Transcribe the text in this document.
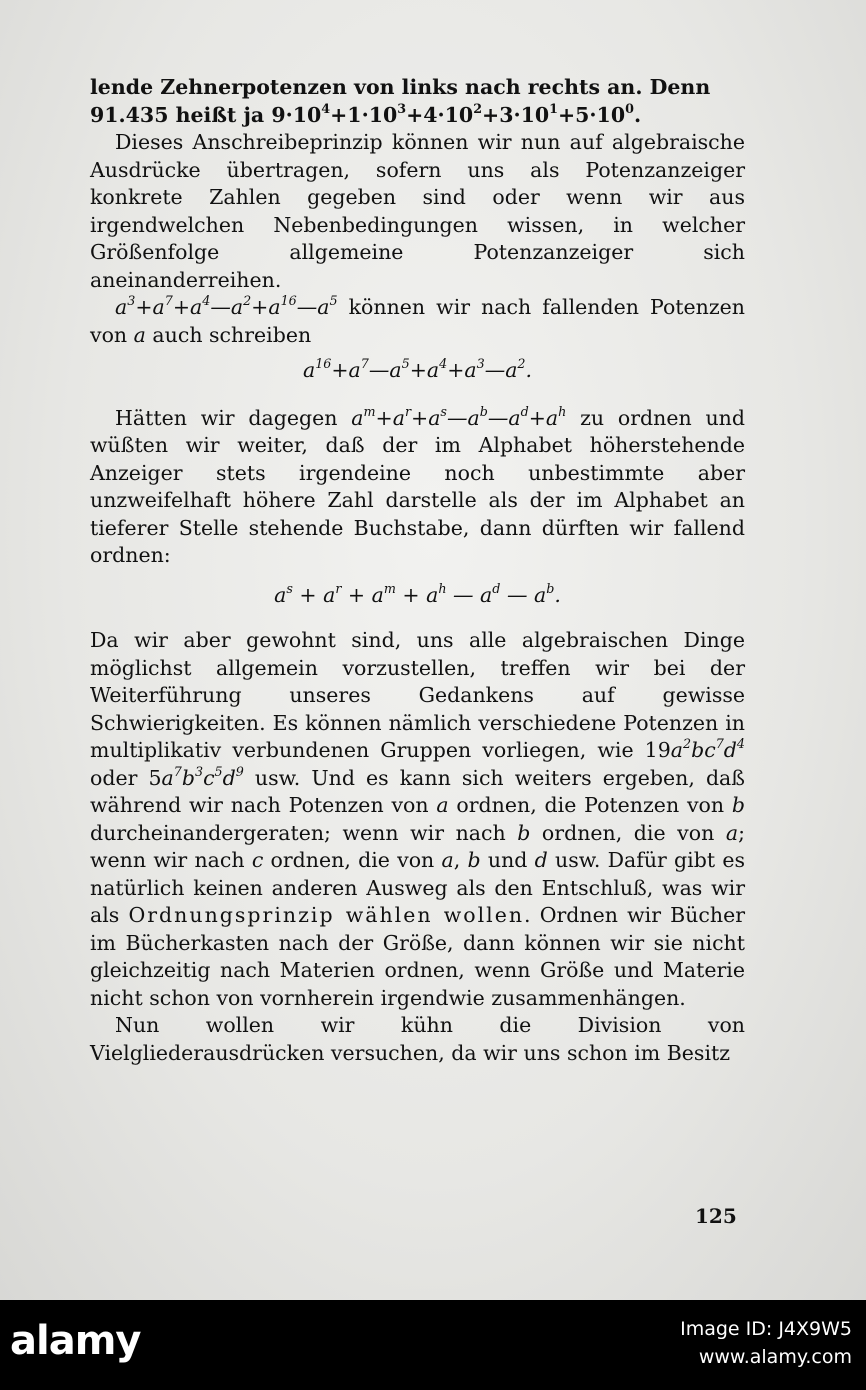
lende Zehnerpotenzen von links nach rechts an. Denn

91.435 heißt ja $9\cdot 10^4+1\cdot 10^3+4\cdot 10^2+3\cdot 10^1+5\cdot 10^0$.

Dieses Anschreibeprinzip können wir nun auf algebraische Ausdrücke übertragen, sofern uns als Potenzanzeiger konkrete Zahlen gegeben sind oder wenn wir aus irgendwelchen Nebenbedingungen wissen, in welcher Größenfolge allgemeine Potenzanzeiger sich aneinanderreihen.

$a^3+a^7+a^4—a^2+a^{16}—a^5$ können wir nach fallenden Potenzen von a auch schreiben

$a^{16}+a^7—a^5+a^4+a^3—a^2$.

Hätten wir dagegen $a^m+a^r+a^s—a^b—a^d+a^h$ zu ordnen und wüßten wir weiter, daß der im Alphabet höherstehende Anzeiger stets irgendeine noch unbestimmte aber unzweifelhaft höhere Zahl darstelle als der im Alphabet an tieferer Stelle stehende Buchstabe, dann dürften wir fallend ordnen:

$a^s + a^r + a^m + a^h$ — $a^d$ — $a^b$.

Da wir aber gewohnt sind, uns alle algebraischen Dinge möglichst allgemein vorzustellen, treffen wir bei der Weiterführung unseres Gedankens auf gewisse Schwierigkeiten. Es können nämlich verschiedene Potenzen in multiplikativ verbundenen Gruppen vorliegen, wie $19a^2bc^7d^4$ oder $5a^7b^3c^5d^9$ usw. Und es kann sich weiters ergeben, daß während wir nach Potenzen von a ordnen, die Potenzen von b durcheinandergeraten; wenn wir nach b ordnen, die von a; wenn wir nach c ordnen, die von a, b und d usw. Dafür gibt es natürlich keinen anderen Ausweg als den Entschluß, was wir als Ordnungsprinzip wählen wollen. Ordnen wir Bücher im Bücherkasten nach der Größe, dann können wir sie nicht gleichzeitig nach Materien ordnen, wenn Größe und Materie nicht schon von vornherein irgendwie zusammenhängen.

Nun wollen wir kühn die Division von Vielgliederausdrücken versuchen, da wir uns schon im Besitz

125
alamy	Image ID: J4X9W5
www.alamy.com
